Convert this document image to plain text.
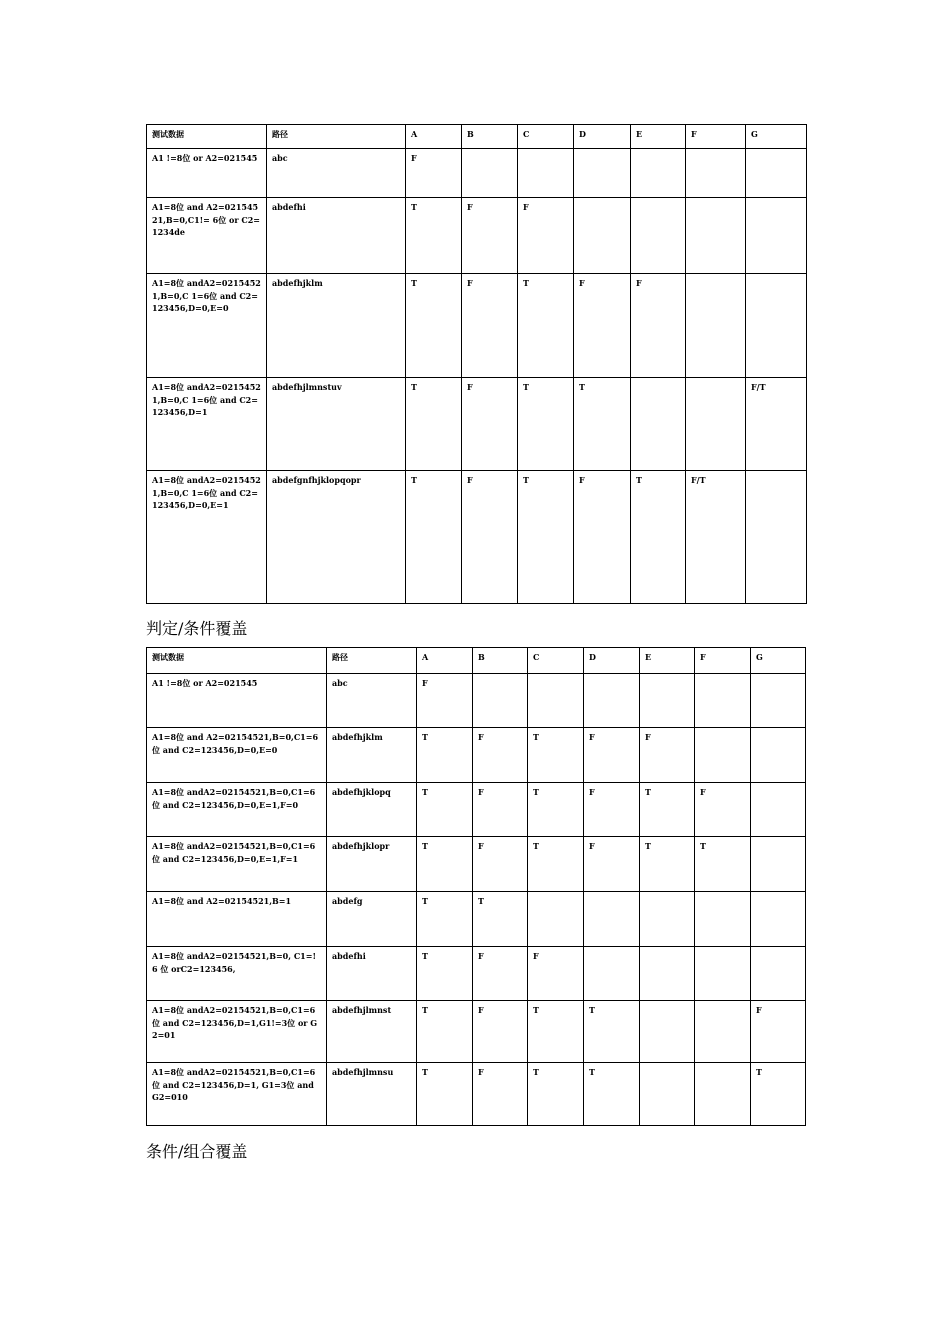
测试数据	路径	A	B	C	D	E	F	G
A1 !=8位 or A2=021545	abc	F						
A1=8位 and A2=02154521,B=0,C1!= 6位 or C2=1234de	abdefhi	T	F	F				
A1=8位 andA2=02154521,B=0,C 1=6位 and C2=123456,D=0,E=0	abdefhjklm	T	F	T	F	F		
A1=8位 andA2=02154521,B=0,C 1=6位 and C2=123456,D=1	abdefhjlmnstuv	T	F	T	T			F/T
A1=8位 andA2=02154521,B=0,C 1=6位 and C2=123456,D=0,E=1	abdefgnfhjklopqopr	T	F	T	F	T	F/T	
判定/条件覆盖
测试数据	路径	A	B	C	D	E	F	G
A1 !=8位 or A2=021545	abc	F						
A1=8位 and A2=02154521,B=0,C1=6 位 and C2=123456,D=0,E=0	abdefhjklm	T	F	T	F	F		
A1=8位 andA2=02154521,B=0,C1=6 位 and C2=123456,D=0,E=1,F=0	abdefhjklopq	T	F	T	F	T	F	
A1=8位 andA2=02154521,B=0,C1=6 位 and C2=123456,D=0,E=1,F=1	abdefhjklopr	T	F	T	F	T	T	
A1=8位 and A2=02154521,B=1	abdefg	T	T					
A1=8位 andA2=02154521,B=0, C1=!6 位 orC2=123456,	abdefhi	T	F	F				
A1=8位 andA2=02154521,B=0,C1=6 位 and C2=123456,D=1,G1!=3位 or G2=01	abdefhjlmnst	T	F	T	T			F
A1=8位 andA2=02154521,B=0,C1=6 位 and C2=123456,D=1, G1=3位 and G2=010	abdefhjlmnsu	T	F	T	T			T
条件/组合覆盖
